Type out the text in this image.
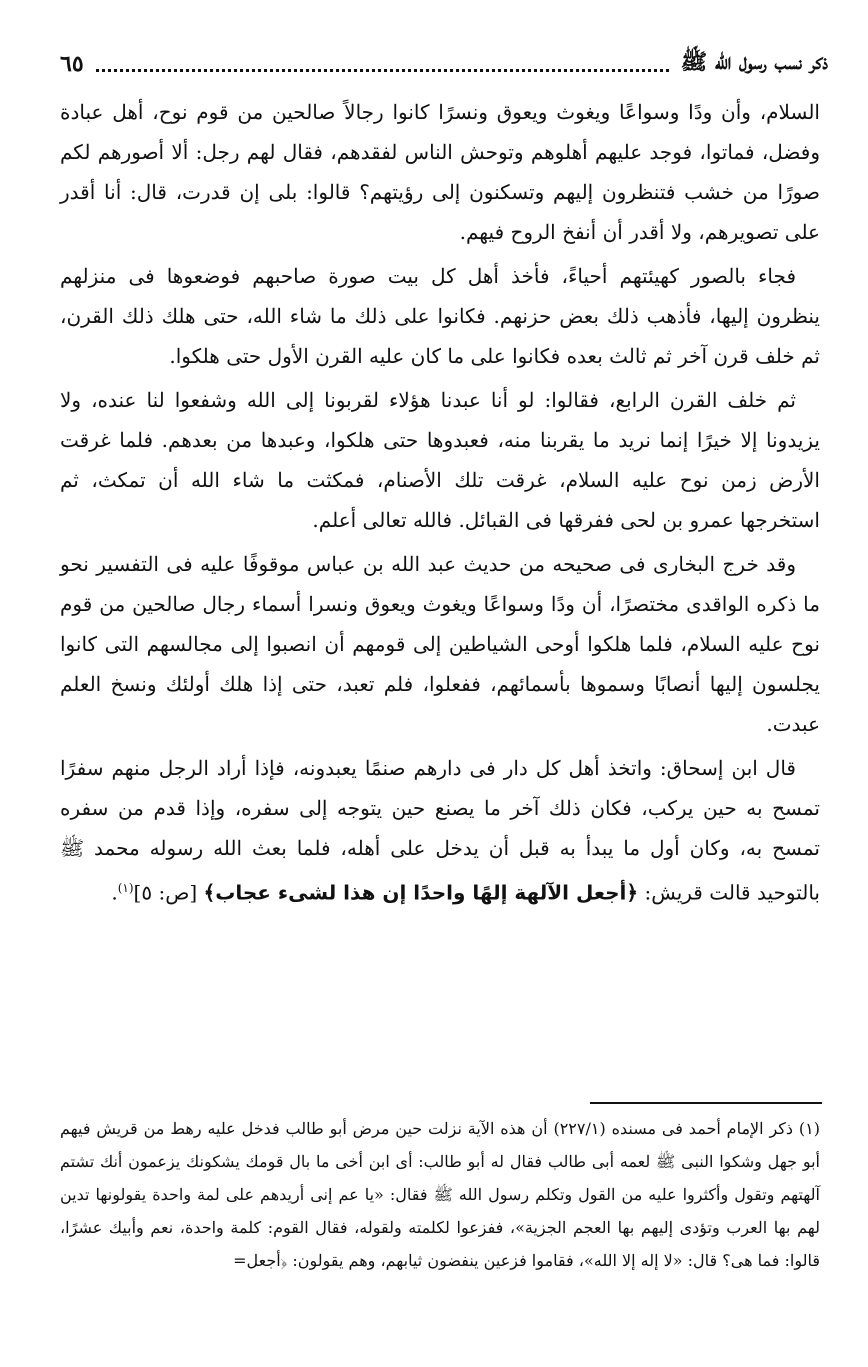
ذكر نسب رسول الله ﷺ
٦٥

السلام، وأن ودًا وسواعًا ويغوث ويعوق ونسرًا كانوا رجالاً صالحين من قوم نوح، أهل عبادة وفضل، فماتوا، فوجد عليهم أهلوهم وتوحش الناس لفقدهم، فقال لهم رجل: ألا أصورهم لكم صورًا من خشب فتنظرون إليهم وتسكنون إلى رؤيتهم؟ قالوا: بلى إن قدرت، قال: أنا أقدر على تصويرهم، ولا أقدر أن أنفخ الروح فيهم.

فجاء بالصور كهيئتهم أحياءً، فأخذ أهل كل بيت صورة صاحبهم فوضعوها فى منزلهم ينظرون إليها، فأذهب ذلك بعض حزنهم. فكانوا على ذلك ما شاء الله، حتى هلك ذلك القرن، ثم خلف قرن آخر ثم ثالث بعده فكانوا على ما كان عليه القرن الأول حتى هلكوا.

ثم خلف القرن الرابع، فقالوا: لو أنا عبدنا هؤلاء لقربونا إلى الله وشفعوا لنا عنده، ولا يزيدونا إلا خيرًا إنما نريد ما يقربنا منه، فعبدوها حتى هلكوا، وعبدها من بعدهم. فلما غرقت الأرض زمن نوح عليه السلام، غرقت تلك الأصنام، فمكثت ما شاء الله أن تمكث، ثم استخرجها عمرو بن لحى ففرقها فى القبائل. فالله تعالى أعلم.

وقد خرج البخارى فى صحيحه من حديث عبد الله بن عباس موقوفًا عليه فى التفسير نحو ما ذكره الواقدى مختصرًا، أن ودًا وسواعًا ويغوث ويعوق ونسرا أسماء رجال صالحين من قوم نوح عليه السلام، فلما هلكوا أوحى الشياطين إلى قومهم أن انصبوا إلى مجالسهم التى كانوا يجلسون إليها أنصابًا وسموها بأسمائهم، ففعلوا، فلم تعبد، حتى إذا هلك أولئك ونسخ العلم عبدت.

قال ابن إسحاق: واتخذ أهل كل دار فى دارهم صنمًا يعبدونه، فإذا أراد الرجل منهم سفرًا تمسح به حين يركب، فكان ذلك آخر ما يصنع حين يتوجه إلى سفره، وإذا قدم من سفره تمسح به، وكان أول ما يبدأ به قبل أن يدخل على أهله، فلما بعث الله رسوله محمد ﷺ بالتوحيد قالت قريش: ﴿أجعل الآلهة إلهًا واحدًا إن هذا لشىء عجاب﴾ [ص: ٥]$^{(١)}$.

(١) ذكر الإمام أحمد فى مسنده (٢٢٧/١) أن هذه الآية نزلت حين مرض أبو طالب فدخل عليه رهط من قريش فيهم أبو جهل وشكوا النبى ﷺ لعمه أبى طالب فقال له أبو طالب: أى ابن أخى ما بال قومك يشكونك يزعمون أنك تشتم آلهتهم وتقول وأكثروا عليه من القول وتكلم رسول الله ﷺ فقال: «يا عم إنى أريدهم على لمة واحدة يقولونها تدين لهم بها العرب وتؤدى إليهم بها العجم الجزية»، ففزعوا لكلمته ولقوله، فقال القوم: كلمة واحدة، نعم وأبيك عشرًا، قالوا: فما هى؟ قال: «لا إله إلا الله»، فقاموا فزعين ينفضون ثيابهم، وهم يقولون: ﴿أجعل=
